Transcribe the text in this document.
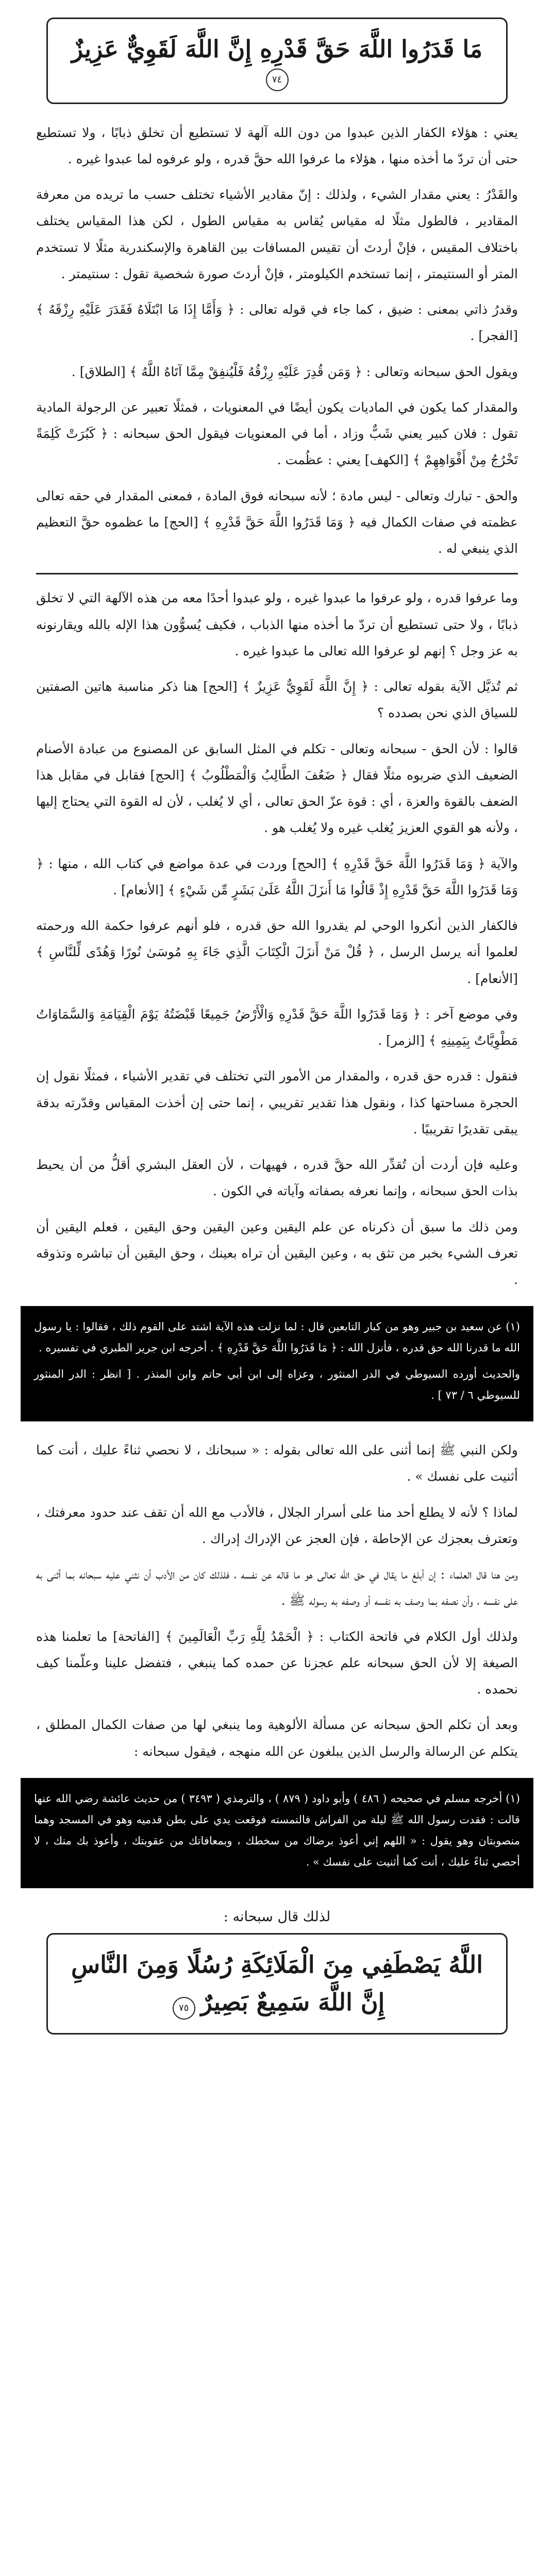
مَا قَدَرُوا اللَّهَ حَقَّ قَدْرِهِ إِنَّ اللَّهَ لَقَوِيٌّ عَزِيزٌ ٧٤

يعني : هؤلاء الكفار الذين عبدوا من دون الله آلهة لا تستطيع أن تخلق ذبابًا ، ولا تستطيع حتى أن تردّ ما أخذه منها ، هؤلاء ما عرفوا الله حقَّ قدره ، ولو عرفوه لما عبدوا غيره .

والقَدْرُ : يعني مقدار الشيء ، ولذلك : إنّ مقادير الأشياء تختلف حسب ما تريده من معرفة المقادير ، فالطول مثلًا له مقياس يُقاس به مقياس الطول ، لكن هذا المقياس يختلف باختلاف المقيس ، فإنْ أردتَ أن تقيس المسافات بين القاهرة والإسكندرية مثلًا لا تستخدم المتر أو السنتيمتر ، إنما تستخدم الكيلومتر ، فإنْ أردتَ صورة شخصية تقول : سنتيمتر .

وقدرُ ذاتي بمعنى : ضيق ، كما جاء في قوله تعالى : ﴿ وَأَمَّا إِذَا مَا ابْتَلَاهُ فَقَدَرَ عَلَيْهِ رِزْقَهُ ﴾ [الفجر] .

ويقول الحق سبحانه وتعالى : ﴿ وَمَن قُدِرَ عَلَيْهِ رِزْقُهُ فَلْيُنفِقْ مِمَّا آتَاهُ اللَّهُ ﴾ [الطلاق] .

والمقدار كما يكون في الماديات يكون أيضًا في المعنويات ، فمثلًا تعبير عن الرجولة المادية تقول : فلان كبير يعني شَبٌّ وزاد ، أما في المعنويات فيقول الحق سبحانه : ﴿ كَبُرَتْ كَلِمَةً تَخْرُجُ مِنْ أَفْوَاهِهِمْ ﴾ [الكهف] يعني : عظُمت .

والحق - تبارك وتعالى - ليس مادة ؛ لأنه سبحانه فوق المادة ، فمعنى المقدار في حقه تعالى عظمته في صفات الكمال فيه ﴿ وَمَا قَدَرُوا اللَّهَ حَقَّ قَدْرِهِ ﴾ [الحج] ما عظموه حقَّ التعظيم الذي ينبغي له .

وما عرفوا قدره ، ولو عرفوا ما عبدوا غيره ، ولو عبدوا أحدًا معه من هذه الآلهة التي لا تخلق ذبابًا ، ولا حتى تستطيع أن تردّ ما أخذه منها الذباب ، فكيف يُسوُّون هذا الإله بالله ويقارنونه به عز وجل ؟ إنهم لو عرفوا الله تعالى ما عبدوا غيره .

ثم تُذيَّل الآية بقوله تعالى : ﴿ إِنَّ اللَّهَ لَقَوِيٌّ عَزِيزٌ ﴾ [الحج] هنا ذكر مناسبة هاتين الصفتين للسياق الذي نحن بصدده ؟

قالوا : لأن الحق - سبحانه وتعالى - تكلم في المثل السابق عن المصنوع من عبادة الأصنام الضعيف الذي ضربوه مثلًا فقال ﴿ ضَعُفَ الطَّالِبُ وَالْمَطْلُوبُ ﴾ [الحج] فقابل في مقابل هذا الضعف بالقوة والعزة ، أي : قوة عزّ الحق تعالى ، أي لا يُغلب ، لأن له القوة التي يحتاج إليها ، ولأنه هو القوي العزيز يُغلب غيره ولا يُغلب هو .

والآية ﴿ وَمَا قَدَرُوا اللَّهَ حَقَّ قَدْرِهِ ﴾ [الحج] وردت في عدة مواضع في كتاب الله ، منها : ﴿ وَمَا قَدَرُوا اللَّهَ حَقَّ قَدْرِهِ إِذْ قَالُوا مَا أَنزَلَ اللَّهُ عَلَىٰ بَشَرٍ مِّن شَيْءٍ ﴾ [الأنعام] .

فالكفار الذين أنكروا الوحي لم يقدروا الله حق قدره ، فلو أنهم عرفوا حكمة الله ورحمته لعلموا أنه يرسل الرسل ، ﴿ قُلْ مَنْ أَنزَلَ الْكِتَابَ الَّذِي جَاءَ بِهِ مُوسَىٰ نُورًا وَهُدًى لِّلنَّاسِ ﴾ [الأنعام] .

وفي موضع آخر : ﴿ وَمَا قَدَرُوا اللَّهَ حَقَّ قَدْرِهِ وَالْأَرْضُ جَمِيعًا قَبْضَتُهُ يَوْمَ الْقِيَامَةِ وَالسَّمَاوَاتُ مَطْوِيَّاتٌ بِيَمِينِهِ ﴾ [الزمر] .

فنقول : قدره حق قدره ، والمقدار من الأمور التي تختلف في تقدير الأشياء ، فمثلًا نقول إن الحجرة مساحتها كذا ، ونقول هذا تقدير تقريبي ، إنما حتى إن أخذت المقياس وقدّرته بدقة يبقى تقديرًا تقريبيًا .

وعليه فإن أردت أن تُقدِّر الله حقَّ قدره ، فهيهات ، لأن العقل البشري أقلُّ من أن يحيط بذات الحق سبحانه ، وإنما نعرفه بصفاته وآياته في الكون .

ومن ذلك ما سبق أن ذكرناه عن علم اليقين وعين اليقين وحق اليقين ، فعلم اليقين أن تعرف الشيء بخبر من تثق به ، وعين اليقين أن تراه بعينك ، وحق اليقين أن تباشره وتذوقه .

(١) عن سعيد بن جبير وهو من كبار التابعين قال : لما نزلت هذه الآية اشتد على القوم ذلك ، فقالوا : يا رسول الله ما قدرنا الله حق قدره ، فأنزل الله : ﴿ مَا قَدَرُوا اللَّهَ حَقَّ قَدْرِهِ ﴾ . أخرجه ابن جرير الطبري في تفسيره .

والحديث أورده السيوطي في الدر المنثور ، وعزاه إلى ابن أبي حاتم وابن المنذر . [ انظر : الدر المنثور للسيوطي ٦ / ٧٣ ] .

ولكن النبي ﷺ إنما أثنى على الله تعالى بقوله : « سبحانك ، لا نحصي ثناءً عليك ، أنت كما أثنيت على نفسك » .

لماذا ؟ لأنه لا يطلع أحد منا على أسرار الجلال ، فالأدب مع الله أن تقف عند حدود معرفتك ، وتعترف بعجزك عن الإحاطة ، فإن العجز عن الإدراك إدراك .

ومن هنا قال العلماء : إن أبلغ ما يقال في حق الله تعالى هو ما قاله عن نفسه ، فلذلك كان من الأدب أن نثني عليه سبحانه بما أثنى به على نفسه ، وأن نصفه بما وصف به نفسه أو وصفه به رسوله ﷺ .

ولذلك أول الكلام في فاتحة الكتاب : ﴿ الْحَمْدُ لِلَّهِ رَبِّ الْعَالَمِينَ ﴾ [الفاتحة] ما تعلمنا هذه الصيغة إلا لأن الحق سبحانه علم عجزنا عن حمده كما ينبغي ، فتفضل علينا وعلّمنا كيف نحمده .

وبعد أن تكلم الحق سبحانه عن مسألة الألوهية وما ينبغي لها من صفات الكمال المطلق ، يتكلم عن الرسالة والرسل الذين يبلغون عن الله منهجه ، فيقول سبحانه :

(١) أخرجه مسلم في صحيحه ( ٤٨٦ ) وأبو داود ( ٨٧٩ ) ، والترمذي ( ٣٤٩٣ ) من حديث عائشة رضي الله عنها قالت : فقدت رسول الله ﷺ ليلة من الفراش فالتمسته فوقعت يدي على بطن قدميه وهو في المسجد وهما منصوبتان وهو يقول : « اللهم إني أعوذ برضاك من سخطك ، وبمعافاتك من عقوبتك ، وأعوذ بك منك ، لا أحصي ثناءً عليك ، أنت كما أثنيت على نفسك » .

لذلك قال سبحانه :
اللَّهُ يَصْطَفِي مِنَ الْمَلَائِكَةِ رُسُلًا وَمِنَ النَّاسِ إِنَّ اللَّهَ سَمِيعٌ بَصِيرٌ ٧٥
